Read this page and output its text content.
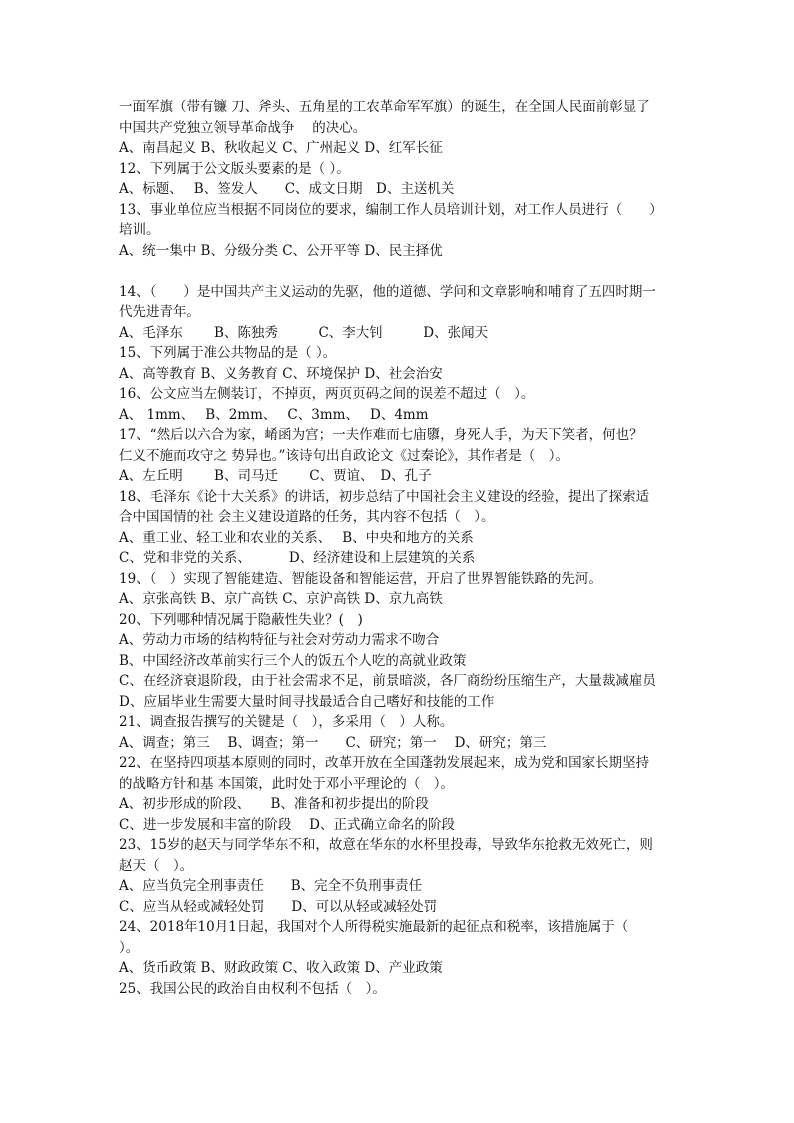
一面军旗（带有镰 刀、斧头、五角星的工农革命军军旗）的诞生，在全国人民面前彰显了
中国共产党独立领导革命战争　 的决心。
A、南昌起义 B、秋收起义 C、广州起义 D、红军长征
12、下列属于公文版头要素的是（ ）。
A、标题、　 B、签发人　　C、成文日期　D、主送机关
13、事业单位应当根据不同岗位的要求，编制工作人员培训计划，对工作人员进行（　　）
培训。
A、统一集中 B、分级分类 C、公开平等 D、民主择优
14、（　　）是中国共产主义运动的先驱，他的道德、学问和文章影响和哺育了五四时期一
代先进青年。
A、毛泽东　　 B、陈独秀　　　C、李大钊　　　D、张闻天
15、下列属于准公共物品的是（ ）。
A、高等教育 B、义务教育 C、环境保护 D、社会治安
16、公文应当左侧装订，不掉页，两页页码之间的误差不超过（　）。
A、 1mm、　 B、2mm、　 C、3mm、　 D、4mm
17、“然后以六合为家，崤函为宫；一夫作难而七庙隳，身死人手，为天下笑者，何也？
仁义不施而攻守之 势异也。”该诗句出自政论文《过秦论》，其作者是（　）。
A、左丘明　　 B、司马迁　　 C、贾谊、　D、孔子
18、毛泽东《论十大关系》的讲话，初步总结了中国社会主义建设的经验，提出了探索适
合中国国情的社 会主义建设道路的任务，其内容不包括（　）。
A、重工业、轻工业和农业的关系、　 B、中央和地方的关系
C、党和非党的关系、　　　 D、经济建设和上层建筑的关系
19、（　）实现了智能建造、智能设备和智能运营，开启了世界智能铁路的先河。
A、京张高铁 B、京广高铁 C、京沪高铁 D、京九高铁
20、下列哪种情况属于隐蔽性失业？(　)
A、劳动力市场的结构特征与社会对劳动力需求不吻合
B、中国经济改革前实行三个人的饭五个人吃的高就业政策
C、在经济衰退阶段，由于社会需求不足，前景暗淡，各厂商纷纷压缩生产，大量裁减雇员
D、应届毕业生需要大量时间寻找最适合自己嗜好和技能的工作
21、调查报告撰写的关键是（　），多采用（　）人称。
A、调查；第三　 B、调查；第一　　C、研究；第一　 D、研究；第三
22、在坚持四项基本原则的同时，改革开放在全国蓬勃发展起来，成为党和国家长期坚持
的战略方针和基 本国策，此时处于邓小平理论的（　）。
A、初步形成的阶段、　　B、准备和初步提出的阶段
C、进一步发展和丰富的阶段　 D、正式确立命名的阶段
23、15岁的赵天与同学华东不和，故意在华东的水杯里投毒，导致华东抢救无效死亡，则
赵天（　）。
A、应当负完全刑事责任　　B、完全不负刑事责任
C、应当从轻或减轻处罚　　D、可以从轻或减轻处罚
24、2018年10月1日起，我国对个人所得税实施最新的起征点和税率，该措施属于（
）。
A、货币政策 B、财政政策 C、收入政策 D、产业政策
25、我国公民的政治自由权利不包括（　）。
